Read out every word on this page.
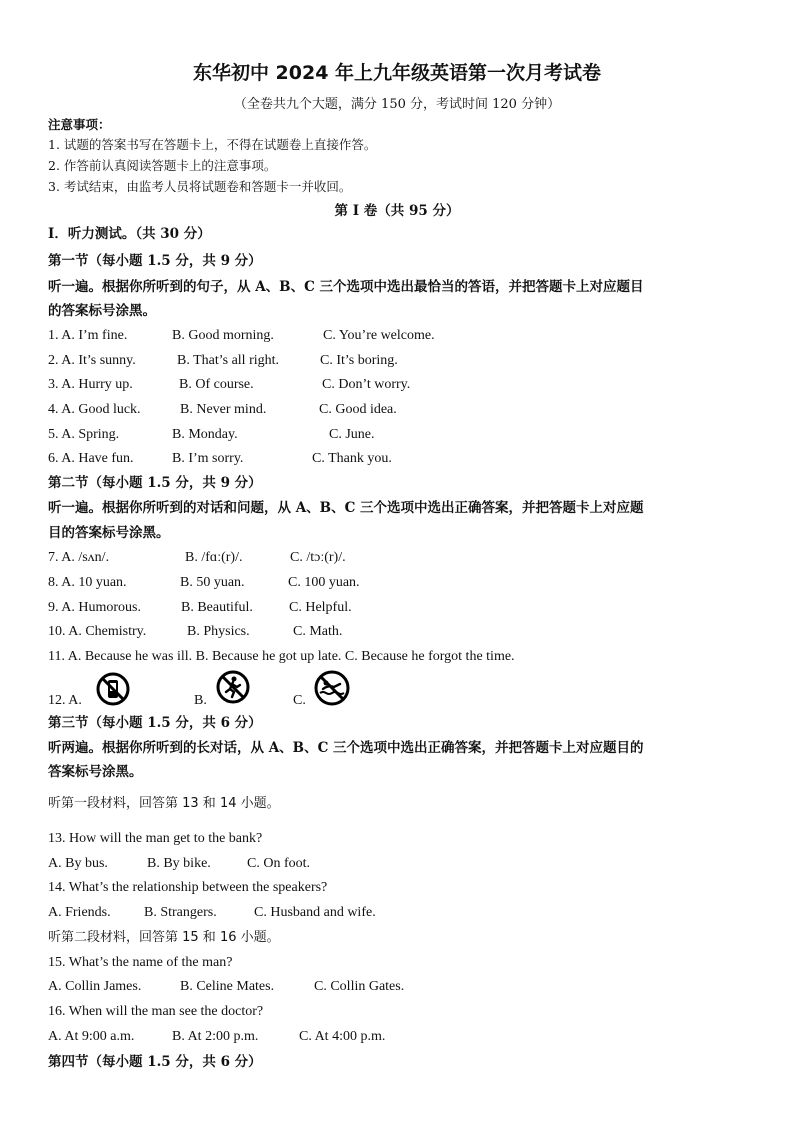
东华初中 2024 年上九年级英语第一次月考试卷
（全卷共九个大题，满分 150 分，考试时间 120 分钟）
注意事项：
1. 试题的答案书写在答题卡上，不得在试题卷上直接作答。
2. 作答前认真阅读答题卡上的注意事项。
3. 考试结束，由监考人员将试题卷和答题卡一并收回。
第 I 卷（共 95 分）
I．听力测试。（共 30 分）
第一节（每小题 1.5 分，共 9 分）
听一遍。根据你所听到的句子，从 A、B、C 三个选项中选出最恰当的答语，并把答题卡上对应题目
的答案标号涂黑。
1. A. I’m fine.	B. Good morning.	C. You’re welcome.
2. A. It’s sunny.	B. That’s all right.	C. It’s boring.
3. A. Hurry up.	B. Of course.	C. Don’t worry.
4. A. Good luck.	B. Never mind.	C. Good idea.
5. A. Spring.	B. Monday.	C. June.
6. A. Have fun.	B. I’m sorry.	C. Thank you.
第二节（每小题 1.5 分，共 9 分）
听一遍。根据你所听到的对话和问题，从 A、B、C 三个选项中选出正确答案，并把答题卡上对应题
目的答案标号涂黑。
7. A. /sʌn/.	B. /fɑː(r)/.	C. /tɔː(r)/.
8. A. 10 yuan.	B. 50 yuan.	C. 100 yuan.
9. A. Humorous.	B. Beautiful.	C. Helpful.
10. A. Chemistry.	B. Physics.	C. Math.
11. A. Because he was ill. B. Because he got up late. C. Because he forgot the time.
12. A.	B.	C.
第三节（每小题 1.5 分，共 6 分）
听两遍。根据你所听到的长对话，从 A、B、C 三个选项中选出正确答案，并把答题卡上对应题目的
答案标号涂黑。
听第一段材料，回答第 13 和 14 小题。
13. How will the man get to the bank?
A. By bus.	B. By bike.	C. On foot.
14. What’s the relationship between the speakers?
A. Friends. B. Strangers.	C. Husband and wife.
听第二段材料，回答第 15 和 16 小题。
15. What’s the name of the man?
A. Collin James.	B. Celine Mates.	C. Collin Gates.
16. When will the man see the doctor?
A. At 9:00 a.m.	B. At 2:00 p.m.	C. At 4:00 p.m.
第四节（每小题 1.5 分，共 6 分）
